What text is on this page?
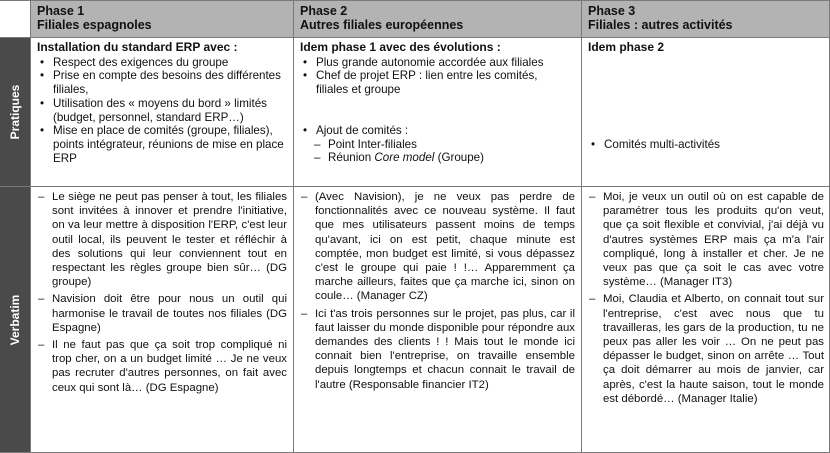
Phase 1
Filiales espagnoles
Phase 2
Autres filiales européennes
Phase 3
Filiales : autres activités
Pratiques
Verbatim
Installation du standard ERP avec :
• Respect des exigences du groupe
• Prise en compte des besoins des différentes filiales,
• Utilisation des « moyens du bord » limités (budget, personnel, standard ERP…)
• Mise en place de comités (groupe, filiales), points intégrateur, réunions de mise en place ERP
Idem phase 1 avec des évolutions :
• Plus grande autonomie accordée aux filiales
• Chef de projet ERP : lien entre les comités, filiales et groupe
• Ajout de comités :
– Point Inter-filiales
– Réunion Core model (Groupe)
Idem phase 2
• Comités multi-activités
– Le siège ne peut pas penser à tout, les filiales sont invitées à innover et prendre l'initiative, on va leur mettre à disposition l'ERP, c'est leur outil local, ils peuvent le tester et réfléchir à des solutions qui leur conviennent tout en respectant les règles groupe bien sûr… (DG groupe)
– Navision doit être pour nous un outil qui harmonise le travail de toutes nos filiales (DG Espagne)
– Il ne faut pas que ça soit trop compliqué ni trop cher, on a un budget limité … Je ne veux pas recruter d'autres personnes, on fait avec ceux qui sont là… (DG Espagne)
– (Avec Navision), je ne veux pas perdre de fonctionnalités avec ce nouveau système. Il faut que mes utilisateurs passent moins de temps qu'avant, ici on est petit, chaque minute est comptée, mon budget est limité, si vous dépassez c'est le groupe qui paie ! !… Apparemment ça marche ailleurs, faites que ça marche ici, sinon on coule… (Manager CZ)
– Ici t'as trois personnes sur le projet, pas plus, car il faut laisser du monde disponible pour répondre aux demandes des clients ! ! Mais tout le monde ici connait bien l'entreprise, on travaille ensemble depuis longtemps et chacun connait le travail de l'autre (Responsable financier IT2)
– Moi, je veux un outil où on est capable de paramétrer tous les produits qu'on veut, que ça soit flexible et convivial, j'ai déjà vu d'autres systèmes ERP mais ça m'a l'air compliqué, long à installer et cher. Je ne veux pas que ça soit le cas avec votre système… (Manager IT3)
– Moi, Claudia et Alberto, on connait tout sur l'entreprise, c'est avec nous que tu travailleras, les gars de la production, tu ne peux pas aller les voir … On ne peut pas dépasser le budget, sinon on arrête … Tout ça doit démarrer au mois de janvier, car après, c'est la haute saison, tout le monde est débordé… (Manager Italie)
